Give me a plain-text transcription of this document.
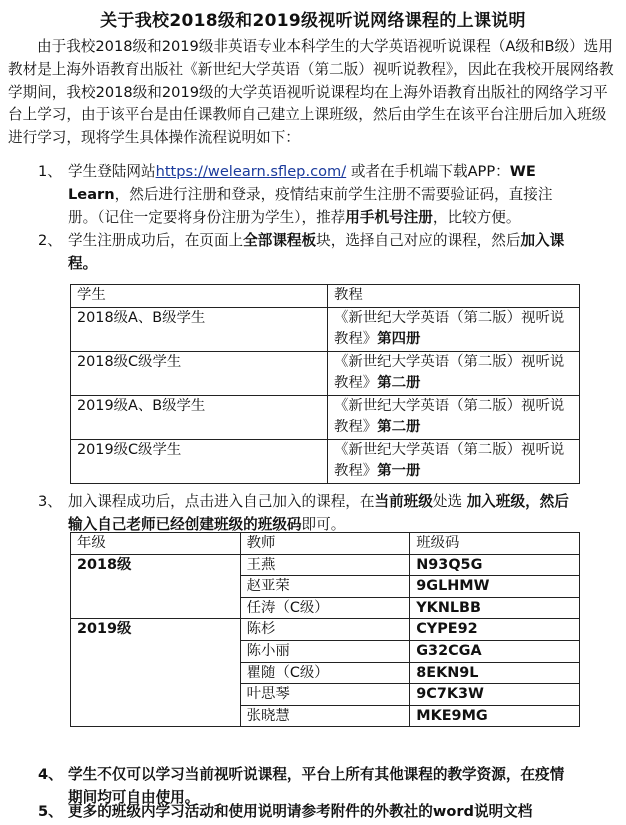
关于我校2018级和2019级视听说网络课程的上课说明
由于我校2018级和2019级非英语专业本科学生的大学英语视听说课程（A级和B级）选用教材是上海外语教育出版社《新世纪大学英语（第二版）视听说教程》，因此在我校开展网络教学期间，我校2018级和2019级的大学英语视听说课程均在上海外语教育出版社的网络学习平台上学习，由于该平台是由任课教师自己建立上课班级，然后由学生在该平台注册后加入班级进行学习，现将学生具体操作流程说明如下：
1、 学生登陆网站https://welearn.sflep.com/ 或者在手机端下载APP：WE Learn，然后进行注册和登录，疫情结束前学生注册不需要验证码，直接注册。（记住一定要将身份注册为学生），推荐用手机号注册，比较方便。
2、 学生注册成功后，在页面上全部课程板块，选择自己对应的课程，然后加入课程。
学生	教程
2018级A、B级学生	《新世纪大学英语（第二版）视听说教程》第四册
2018级C级学生	《新世纪大学英语（第二版）视听说教程》第二册
2019级A、B级学生	《新世纪大学英语（第二版）视听说教程》第二册
2019级C级学生	《新世纪大学英语（第二版）视听说教程》第一册
3、 加入课程成功后，点击进入自己加入的课程，在当前班级处选 加入班级，然后输入自己老师已经创建班级的班级码即可。
年级	教师	班级码
2018级	王燕	N93Q5G
	赵亚荣	9GLHMW
	任涛（C级）	YKNLBB
2019级	陈杉	CYPE92
	陈小丽	G32CGA
	瞿随（C级）	8EKN9L
	叶思琴	9C7K3W
	张晓慧	MKE9MG
4、 学生不仅可以学习当前视听说课程，平台上所有其他课程的教学资源，在疫情期间均可自由使用。
5、 更多的班级内学习活动和使用说明请参考附件的外教社的word说明文档
